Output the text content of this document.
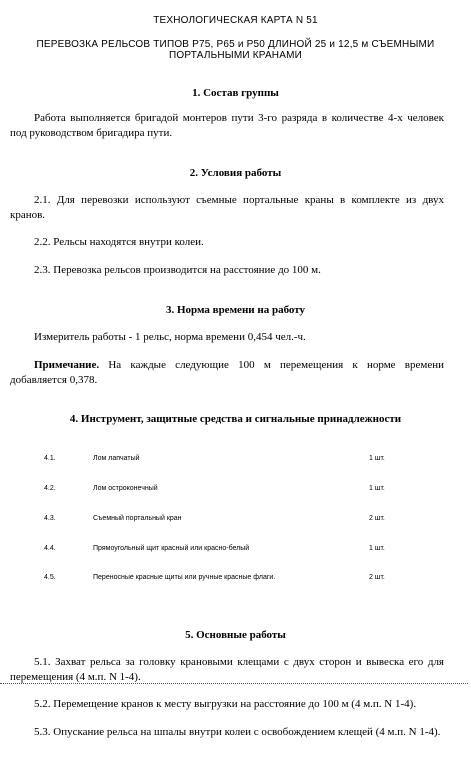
ТЕХНОЛОГИЧЕСКАЯ КАРТА N 51
ПЕРЕВОЗКА РЕЛЬСОВ ТИПОВ Р75, Р65 и Р50 ДЛИНОЙ 25 и 12,5 м СЪЕМНЫМИ
ПОРТАЛЬНЫМИ КРАНАМИ
1. Состав группы
Работа выполняется бригадой монтеров пути 3-го разряда в количестве 4-х человек под руководством бригадира пути.
2. Условия работы
2.1. Для перевозки используют съемные портальные краны в комплекте из двух кранов.
2.2. Рельсы находятся внутри колеи.
2.3. Перевозка рельсов производится на расстояние до 100 м.
3. Норма времени на работу
Измеритель работы - 1 рельс, норма времени 0,454 чел.-ч.
Примечание. На каждые следующие 100 м перемещения к норме времени добавляется 0,378.
4. Инструмент, защитные средства и сигнальные принадлежности
4.1.	Лом лапчатый	1 шт.
4.2.	Лом остроконечный	1 шт.
4.3.	Съемный портальный кран	2 шт.
4.4.	Прямоугольный щит красный или красно-белый	1 шт.
4.5.	Переносные красные щиты или ручные красные флаги.	2 шт.
5. Основные работы
5.1. Захват рельса за головку крановыми клещами с двух сторон и вывеска его для перемещения (4 м.п. N 1-4).
5.2. Перемещение кранов к месту выгрузки на расстояние до 100 м (4 м.п. N 1-4).
5.3. Опускание рельса на шпалы внутри колеи с освобождением клещей (4 м.п. N 1-4).
